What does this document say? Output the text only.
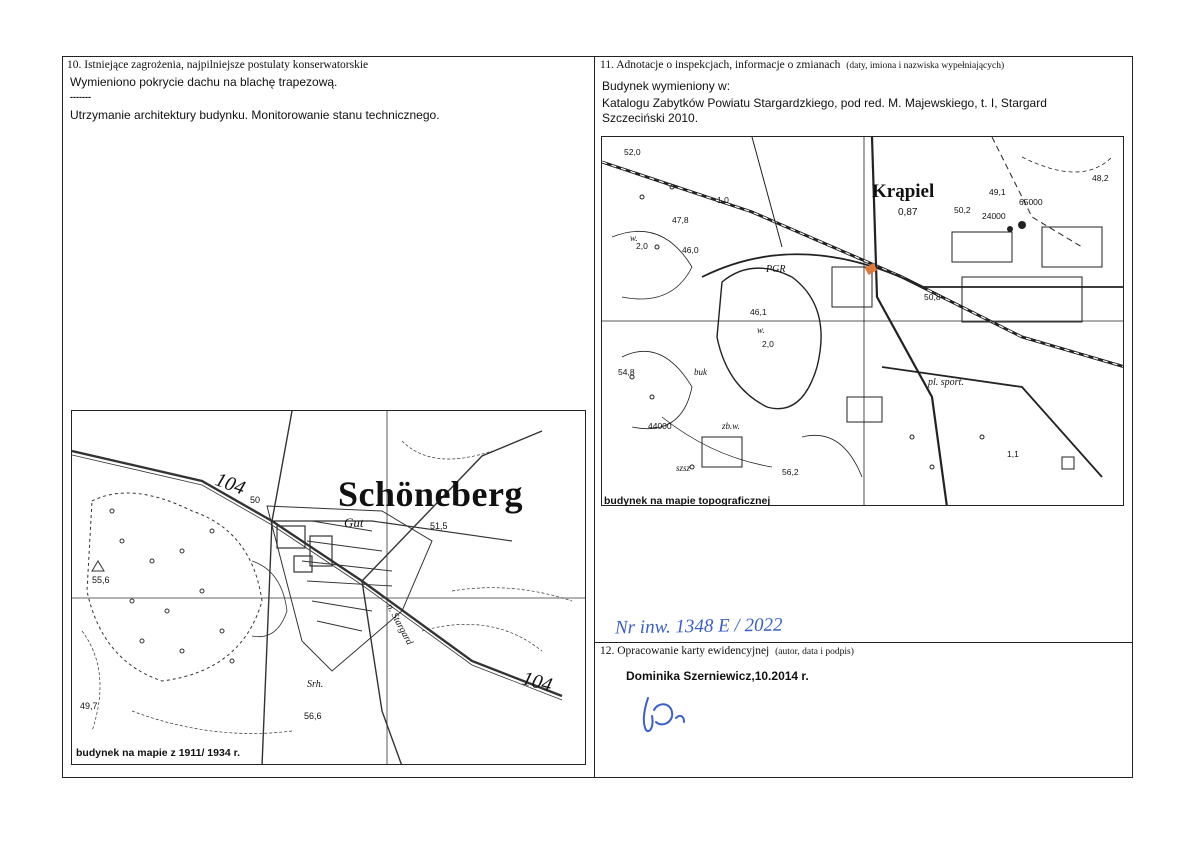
10. Istniejące zagrożenia, najpilniejsze postulaty konserwatorskie
Wymieniono pokrycie dachu na blachę trapezową.
-------
Utrzymanie architektury budynku. Monitorowanie stanu technicznego.
11. Adnotacje o inspekcjach, informacje o zmianach (daty, imiona i nazwiska wypełniających)
Budynek wymieniony w:
Katalogu Zabytków Powiatu Stargardzkiego, pod red. M. Majewskiego, t. I, Stargard
Szczeciński 2010.
Krąpiel
0,87
PGR
pl. sport.
w.
2,0
w.
2,0
46,0
46,1
47,8
52,0
1,0
50,2
49,1
24000
65000
44000
54,8
56,2
48,2
50,8
1,1
buk
zb.w.
szsz
budynek na mapie topograficznej
Schöneberg
Gut
104
104
51,5
55,6
56,6
50
Srh.
n. Stargard
49,7
budynek na mapie z 1911/ 1934 r.
Nr inw. 1348 E / 2022
12. Opracowanie karty ewidencyjnej (autor, data i podpis)
Dominika Szerniewicz,10.2014 r.
